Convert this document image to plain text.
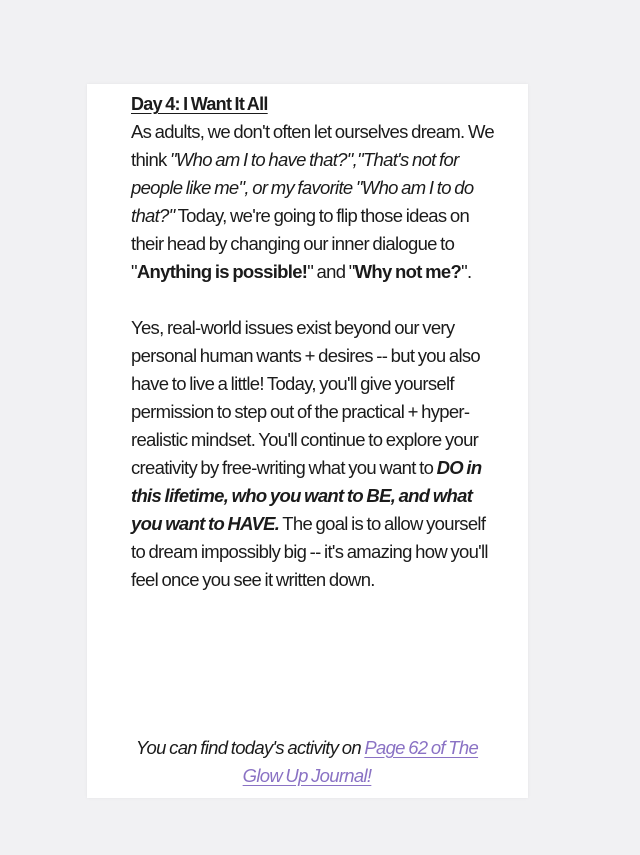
Day 4: I Want It All

As adults, we don't often let ourselves dream. We think "Who am I to have that?","That's not for people like me", or my favorite "Who am I to do that?" Today, we're going to flip those ideas on their head by changing our inner dialogue to "Anything is possible!" and "Why not me?".

Yes, real-world issues exist beyond our very personal human wants + desires -- but you also have to live a little! Today, you'll give yourself permission to step out of the practical + hyper-realistic mindset. You'll continue to explore your creativity by free-writing what you want to DO in this lifetime, who you want to BE, and what you want to HAVE. The goal is to allow yourself to dream impossibly big -- it's amazing how you'll feel once you see it written down.

You can find today's activity on Page 62 of The Glow Up Journal!
